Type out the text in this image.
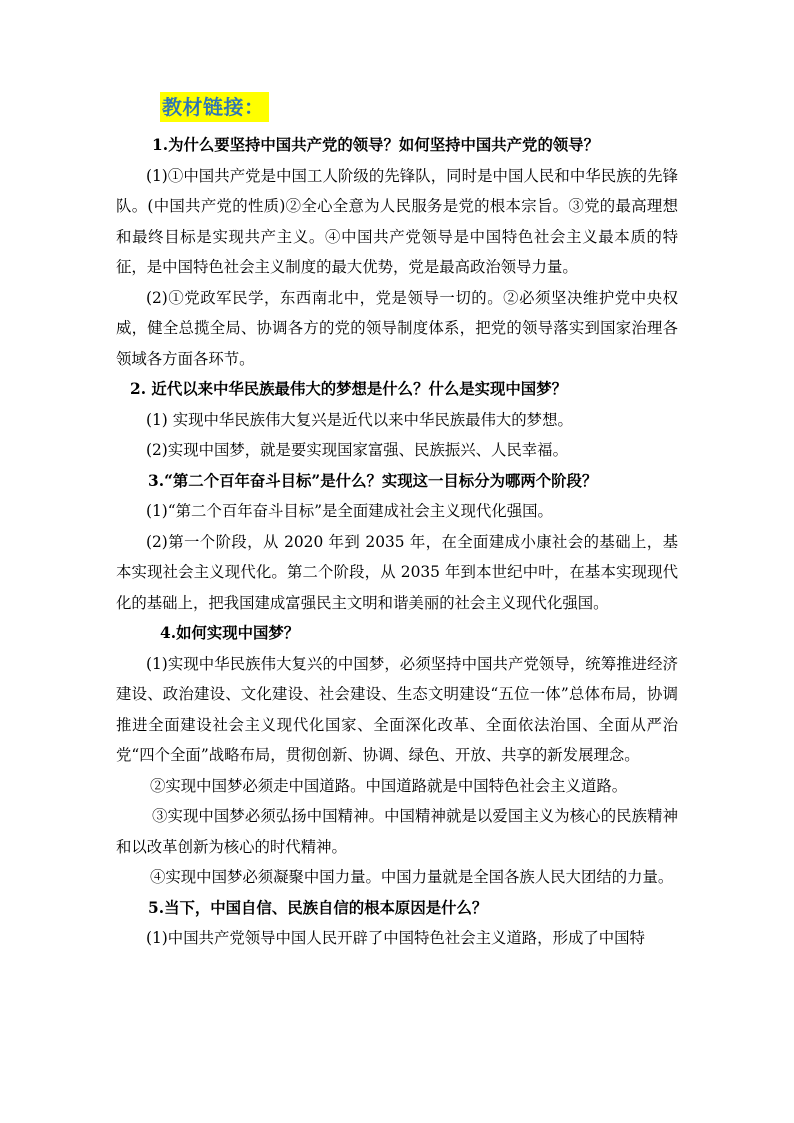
教材链接：

1.为什么要坚持中国共产党的领导？如何坚持中国共产党的领导？

(1)①中国共产党是中国工人阶级的先锋队，同时是中国人民和中华民族的先锋队。(中国共产党的性质)②全心全意为人民服务是党的根本宗旨。③党的最高理想和最终目标是实现共产主义。④中国共产党领导是中国特色社会主义最本质的特征，是中国特色社会主义制度的最大优势，党是最高政治领导力量。

(2)①党政军民学，东西南北中，党是领导一切的。②必须坚决维护党中央权威，健全总揽全局、协调各方的党的领导制度体系，把党的领导落实到国家治理各领域各方面各环节。

2. 近代以来中华民族最伟大的梦想是什么？什么是实现中国梦？

(1) 实现中华民族伟大复兴是近代以来中华民族最伟大的梦想。

(2)实现中国梦，就是要实现国家富强、民族振兴、人民幸福。

3.“第二个百年奋斗目标”是什么？实现这一目标分为哪两个阶段？

(1)“第二个百年奋斗目标”是全面建成社会主义现代化强国。

(2)第一个阶段，从 2020 年到 2035 年，在全面建成小康社会的基础上，基本实现社会主义现代化。第二个阶段，从 2035 年到本世纪中叶，在基本实现现代化的基础上，把我国建成富强民主文明和谐美丽的社会主义现代化强国。

4.如何实现中国梦？

(1)实现中华民族伟大复兴的中国梦，必须坚持中国共产党领导，统筹推进经济建设、政治建设、文化建设、社会建设、生态文明建设“五位一体”总体布局，协调推进全面建设社会主义现代化国家、全面深化改革、全面依法治国、全面从严治党“四个全面”战略布局，贯彻创新、协调、绿色、开放、共享的新发展理念。

②实现中国梦必须走中国道路。中国道路就是中国特色社会主义道路。

③实现中国梦必须弘扬中国精神。中国精神就是以爱国主义为核心的民族精神和以改革创新为核心的时代精神。

④实现中国梦必须凝聚中国力量。中国力量就是全国各族人民大团结的力量。

5.当下，中国自信、民族自信的根本原因是什么？

(1)中国共产党领导中国人民开辟了中国特色社会主义道路，形成了中国特
